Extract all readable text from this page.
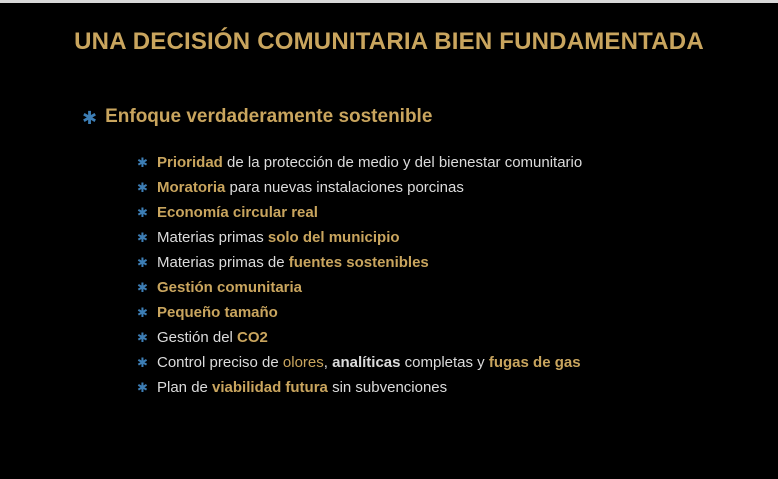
UNA DECISIÓN COMUNITARIA BIEN FUNDAMENTADA
✱ Enfoque verdaderamente sostenible
✱ Prioridad de la protección de medio y del bienestar comunitario
✱ Moratoria para nuevas instalaciones porcinas
✱ Economía circular real
✱ Materias primas solo del municipio
✱ Materias primas de fuentes sostenibles
✱ Gestión comunitaria
✱ Pequeño tamaño
✱ Gestión del CO2
✱ Control preciso de olores, analíticas completas y fugas de gas
✱ Plan de viabilidad futura sin subvenciones
